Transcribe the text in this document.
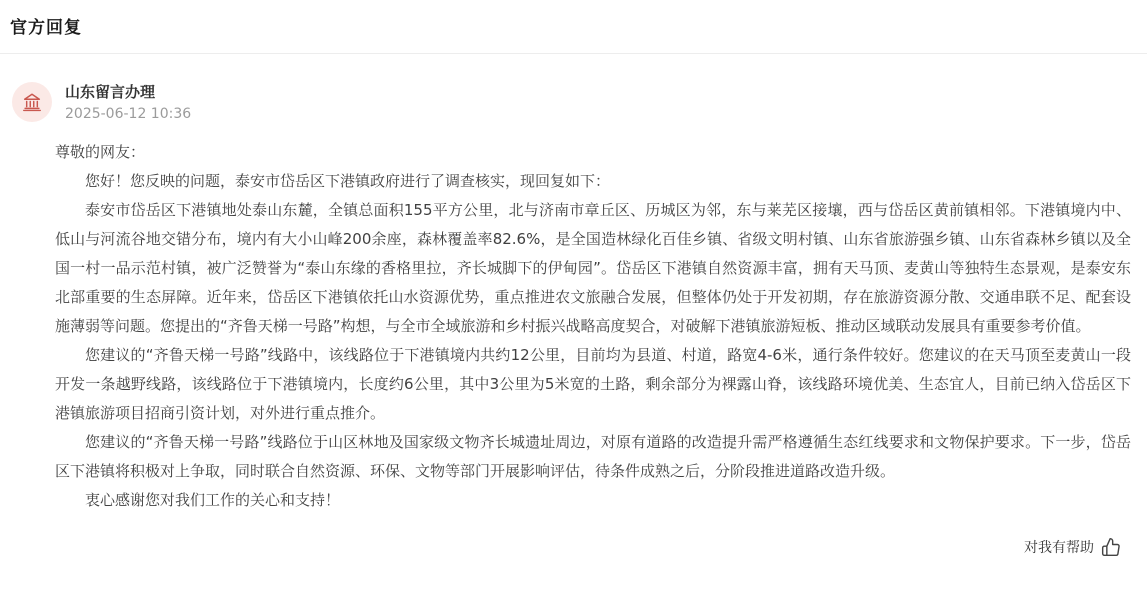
官方回复
山东留言办理
2025-06-12 10:36

尊敬的网友：

您好！您反映的问题，泰安市岱岳区下港镇政府进行了调查核实，现回复如下：

泰安市岱岳区下港镇地处泰山东麓，全镇总面积155平方公里，北与济南市章丘区、历城区为邻，东与莱芜区接壤，西与岱岳区黄前镇相邻。下港镇境内中、低山与河流谷地交错分布，境内有大小山峰200余座，森林覆盖率82.6%，是全国造林绿化百佳乡镇、省级文明村镇、山东省旅游强乡镇、山东省森林乡镇以及全国一村一品示范村镇，被广泛赞誉为“泰山东缘的香格里拉，齐长城脚下的伊甸园”。岱岳区下港镇自然资源丰富，拥有天马顶、麦黄山等独特生态景观，是泰安东北部重要的生态屏障。近年来，岱岳区下港镇依托山水资源优势，重点推进农文旅融合发展，但整体仍处于开发初期，存在旅游资源分散、交通串联不足、配套设施薄弱等问题。您提出的“齐鲁天梯一号路”构想，与全市全域旅游和乡村振兴战略高度契合，对破解下港镇旅游短板、推动区域联动发展具有重要参考价值。

您建议的“齐鲁天梯一号路”线路中，该线路位于下港镇境内共约12公里，目前均为县道、村道，路宽4-6米，通行条件较好。您建议的在天马顶至麦黄山一段开发一条越野线路，该线路位于下港镇境内，长度约6公里，其中3公里为5米宽的土路，剩余部分为裸露山脊，该线路环境优美、生态宜人，目前已纳入岱岳区下港镇旅游项目招商引资计划，对外进行重点推介。

您建议的“齐鲁天梯一号路”线路位于山区林地及国家级文物齐长城遗址周边，对原有道路的改造提升需严格遵循生态红线要求和文物保护要求。下一步，岱岳区下港镇将积极对上争取，同时联合自然资源、环保、文物等部门开展影响评估，待条件成熟之后，分阶段推进道路改造升级。

衷心感谢您对我们工作的关心和支持！

对我有帮助
